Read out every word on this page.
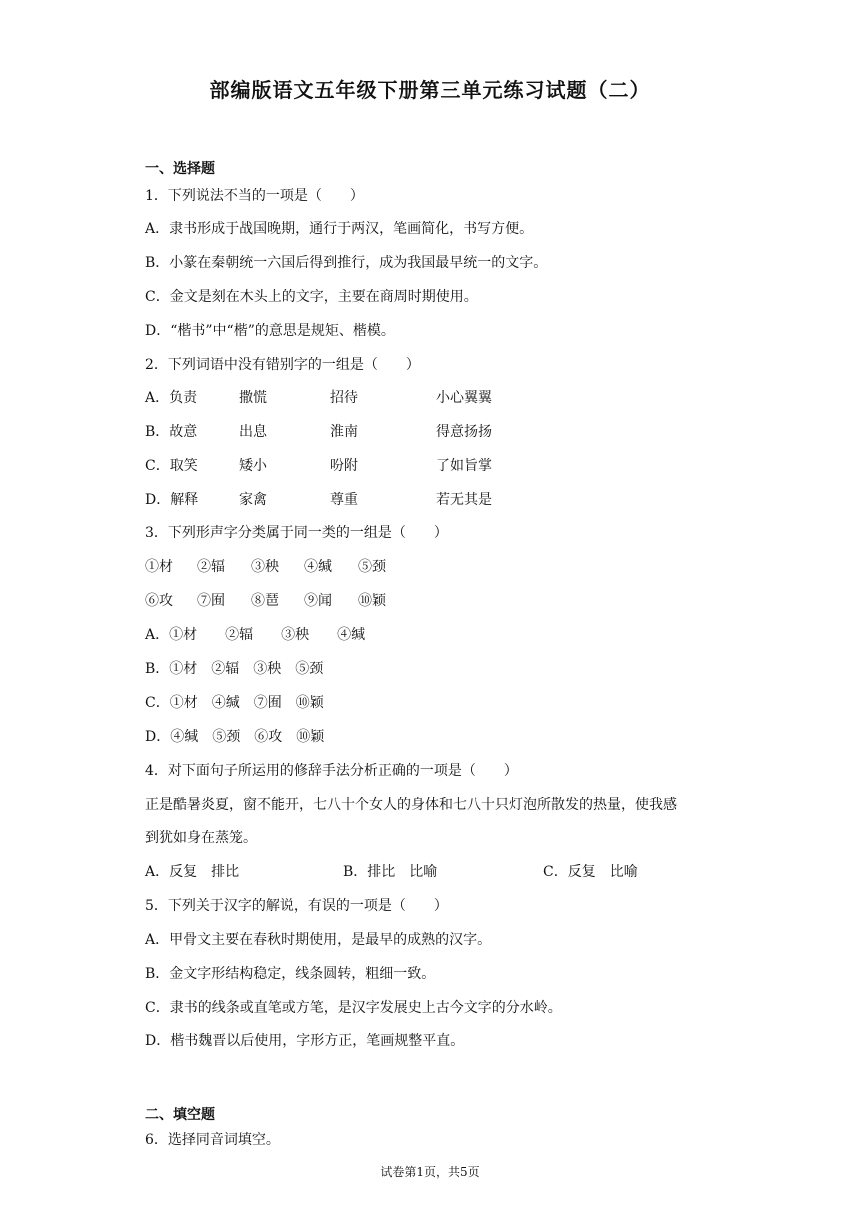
部编版语文五年级下册第三单元练习试题（二）
一、选择题
1．下列说法不当的一项是（　　）
A．隶书形成于战国晚期，通行于两汉，笔画简化，书写方便。
B．小篆在秦朝统一六国后得到推行，成为我国最早统一的文字。
C．金文是刻在木头上的文字，主要在商周时期使用。
D．“楷书”中“楷”的意思是规矩、楷模。
2．下列词语中没有错别字的一组是（　　）
A．负责	撒慌	招待	小心翼翼
B．故意	出息	淮南	得意扬扬
C．取笑	矮小	吩附	了如旨掌
D．解释	家禽	尊重	若无其是
3．下列形声字分类属于同一类的一组是（　　）
①材 ②辐 ③秧 ④缄 ⑤颈
⑥攻 ⑦囿 ⑧琶 ⑨闻 ⑩颖
A．①材　　②辐　　③秧　　④缄
B．①材　②辐　③秧　⑤颈
C．①材　④缄　⑦囿　⑩颖
D．④缄　⑤颈　⑥攻　⑩颖
4．对下面句子所运用的修辞手法分析正确的一项是（　　）
正是酷暑炎夏，窗不能开，七八十个女人的身体和七八十只灯泡所散发的热量，使我感
到犹如身在蒸笼。
A．反复　排比	B．排比　比喻	C．反复　比喻
5．下列关于汉字的解说，有误的一项是（　　）
A．甲骨文主要在春秋时期使用，是最早的成熟的汉字。
B．金文字形结构稳定，线条圆转，粗细一致。
C．隶书的线条或直笔或方笔，是汉字发展史上古今文字的分水岭。
D．楷书魏晋以后使用，字形方正，笔画规整平直。
二、填空题
6．选择同音词填空。
试卷第1页，共5页
